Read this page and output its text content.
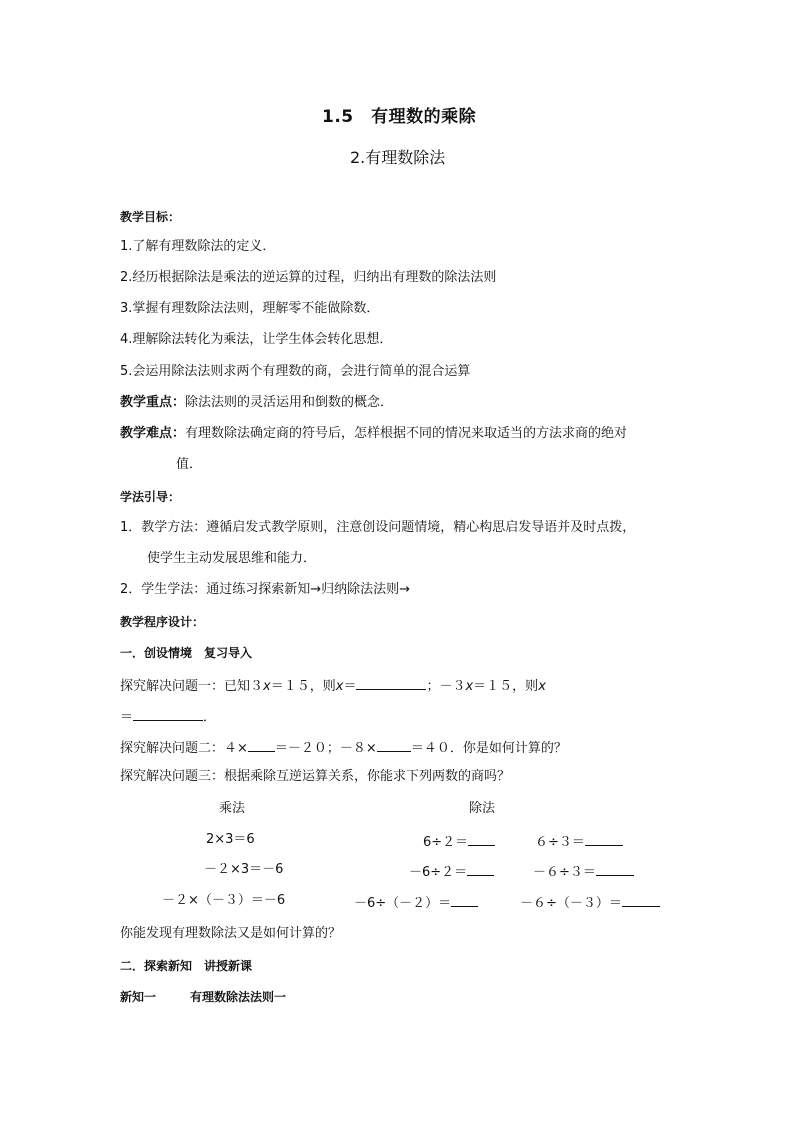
1.5　有理数的乘除
2.有理数除法
教学目标：
1.了解有理数除法的定义．
2.经历根据除法是乘法的逆运算的过程，归纳出有理数的除法法则
3.掌握有理数除法法则，理解零不能做除数．
4.理解除法转化为乘法，让学生体会转化思想．
5.会运用除法法则求两个有理数的商，会进行简单的混合运算
教学重点：除法法则的灵活运用和倒数的概念．
教学难点：有理数除法确定商的符号后，怎样根据不同的情况来取适当的方法求商的绝对
值．
学法引导：
1．教学方法：遵循启发式教学原则，注意创设问题情境，精心构思启发导语并及时点拨，
使学生主动发展思维和能力．
2．学生学法：通过练习探索新知→归纳除法法则→
教学程序设计：
一．创设情境　复习导入
探究解决问题一：已知３x＝１５，则x＝	；－３x＝１５，则x
＝	．
探究解决问题二：４× ＝－２０；－８×	＝４０．你是如何计算的？
探究解决问题三：根据乘除互逆运算关系，你能求下列两数的商吗？
乘法	除法
2×3＝6	6÷２＝	６÷３＝
－２×3＝－6	－6÷２＝	－６÷３＝
－２×（－３）＝－6	－6÷（－２）＝	－６÷（－３）＝
你能发现有理数除法又是如何计算的？
二．探索新知　讲授新课
新知一	有理数除法法则一
